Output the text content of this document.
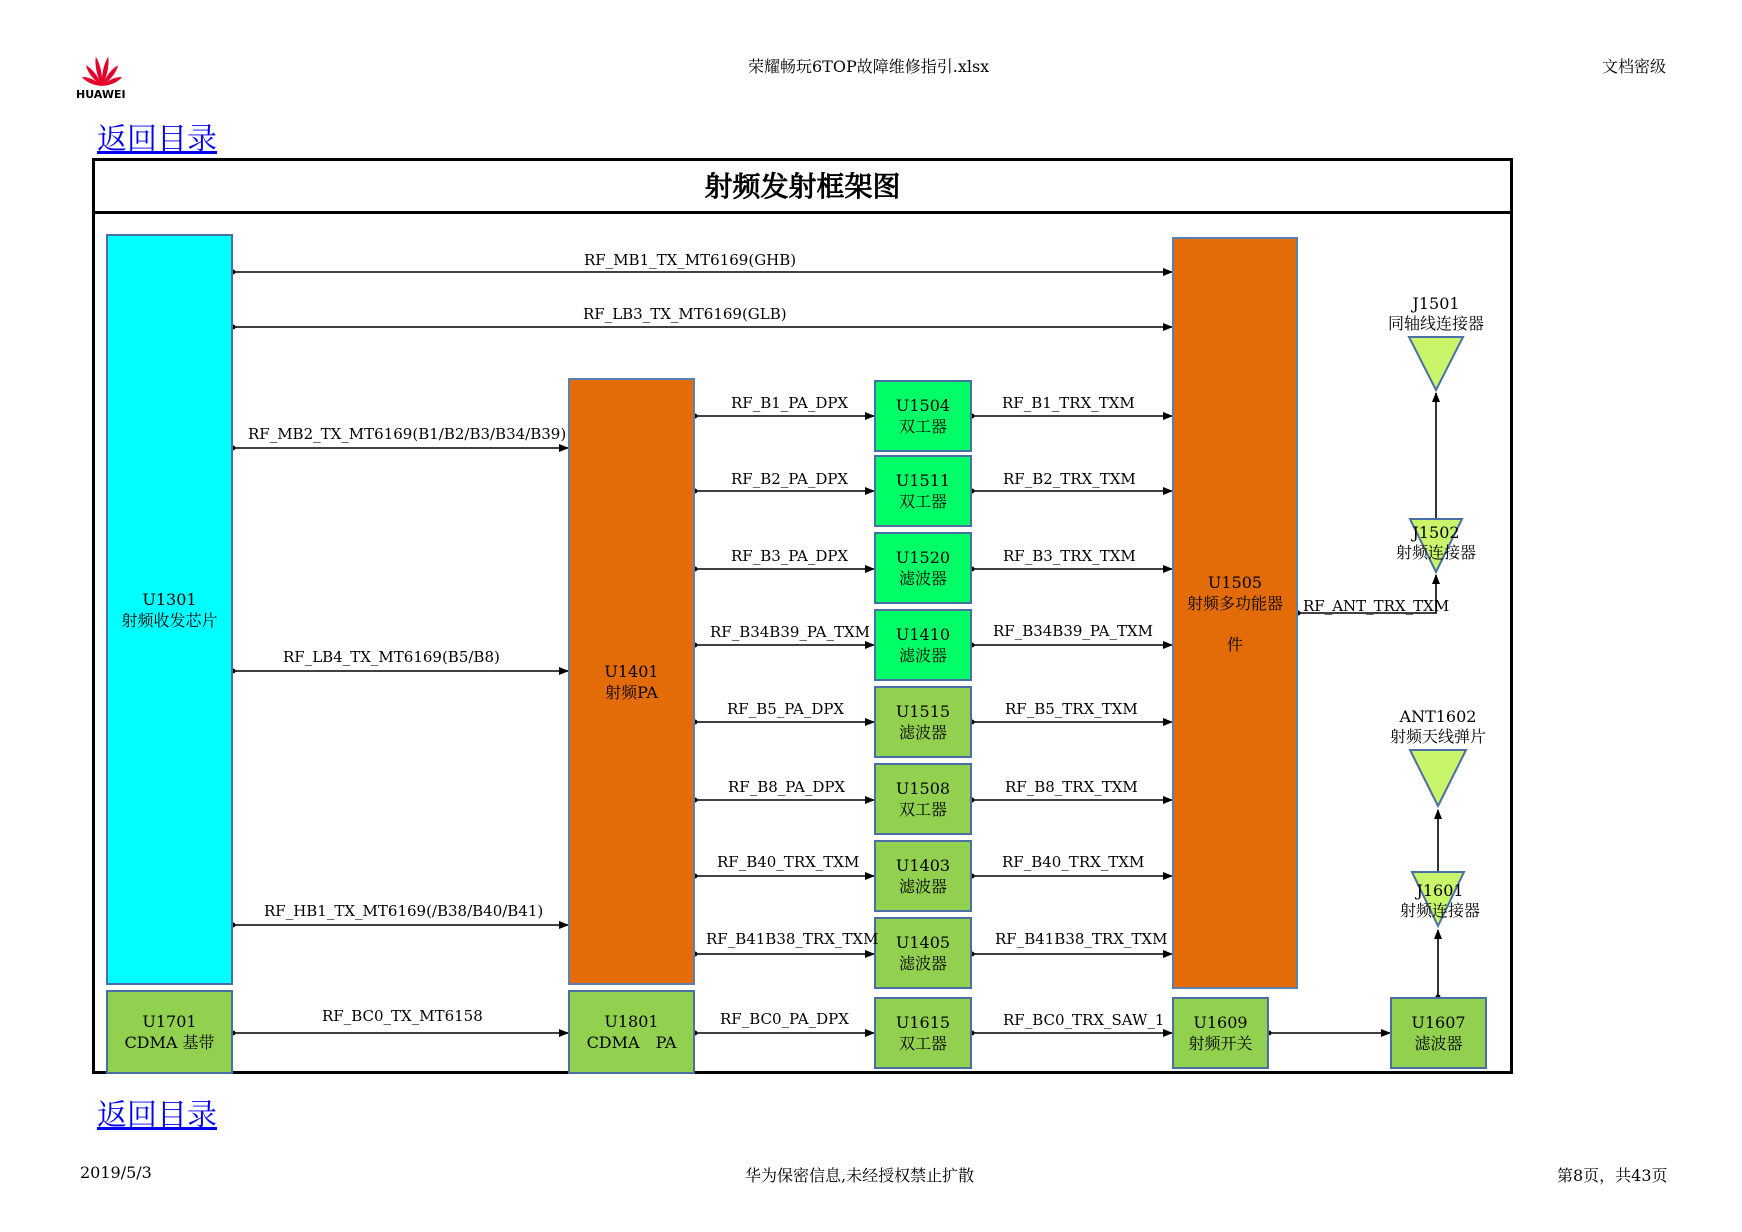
HUAWEI
荣耀畅玩6TOP故障维修指引.xlsx	文档密级
返回目录
射频发射框架图
U1301
射频收发芯片
U1701
CDMA 基带
U1401
射频PA
U1801
CDMA　PA
U1505
射频多功能器
件
U1504
双工器
U1511
双工器
U1520
滤波器
U1410
滤波器
U1515
滤波器
U1508
双工器
U1403
滤波器
U1405
滤波器
U1615
双工器
U1609
射频开关
U1607
滤波器
J1501
同轴线连接器
J1502
射频连接器
ANT1602
射频天线弹片
J1601
射频连接器
RF_MB1_TX_MT6169(GHB)
RF_LB3_TX_MT6169(GLB)
RF_MB2_TX_MT6169(B1/B2/B3/B34/B39)
RF_LB4_TX_MT6169(B5/B8)
RF_HB1_TX_MT6169(/B38/B40/B41)
RF_BC0_TX_MT6158
RF_B1_PA_DPX
RF_B2_PA_DPX
RF_B3_PA_DPX
RF_B34B39_PA_TXM
RF_B5_PA_DPX
RF_B8_PA_DPX
RF_B40_TRX_TXM
RF_B41B38_TRX_TXM
RF_BC0_PA_DPX
RF_B1_TRX_TXM
RF_B2_TRX_TXM
RF_B3_TRX_TXM
RF_B34B39_PA_TXM
RF_B5_TRX_TXM
RF_B8_TRX_TXM
RF_B40_TRX_TXM
RF_B41B38_TRX_TXM
RF_BC0_TRX_SAW_1
RF_ANT_TRX_TXM
返回目录
2019/5/3	华为保密信息,未经授权禁止扩散	第8页，共43页
